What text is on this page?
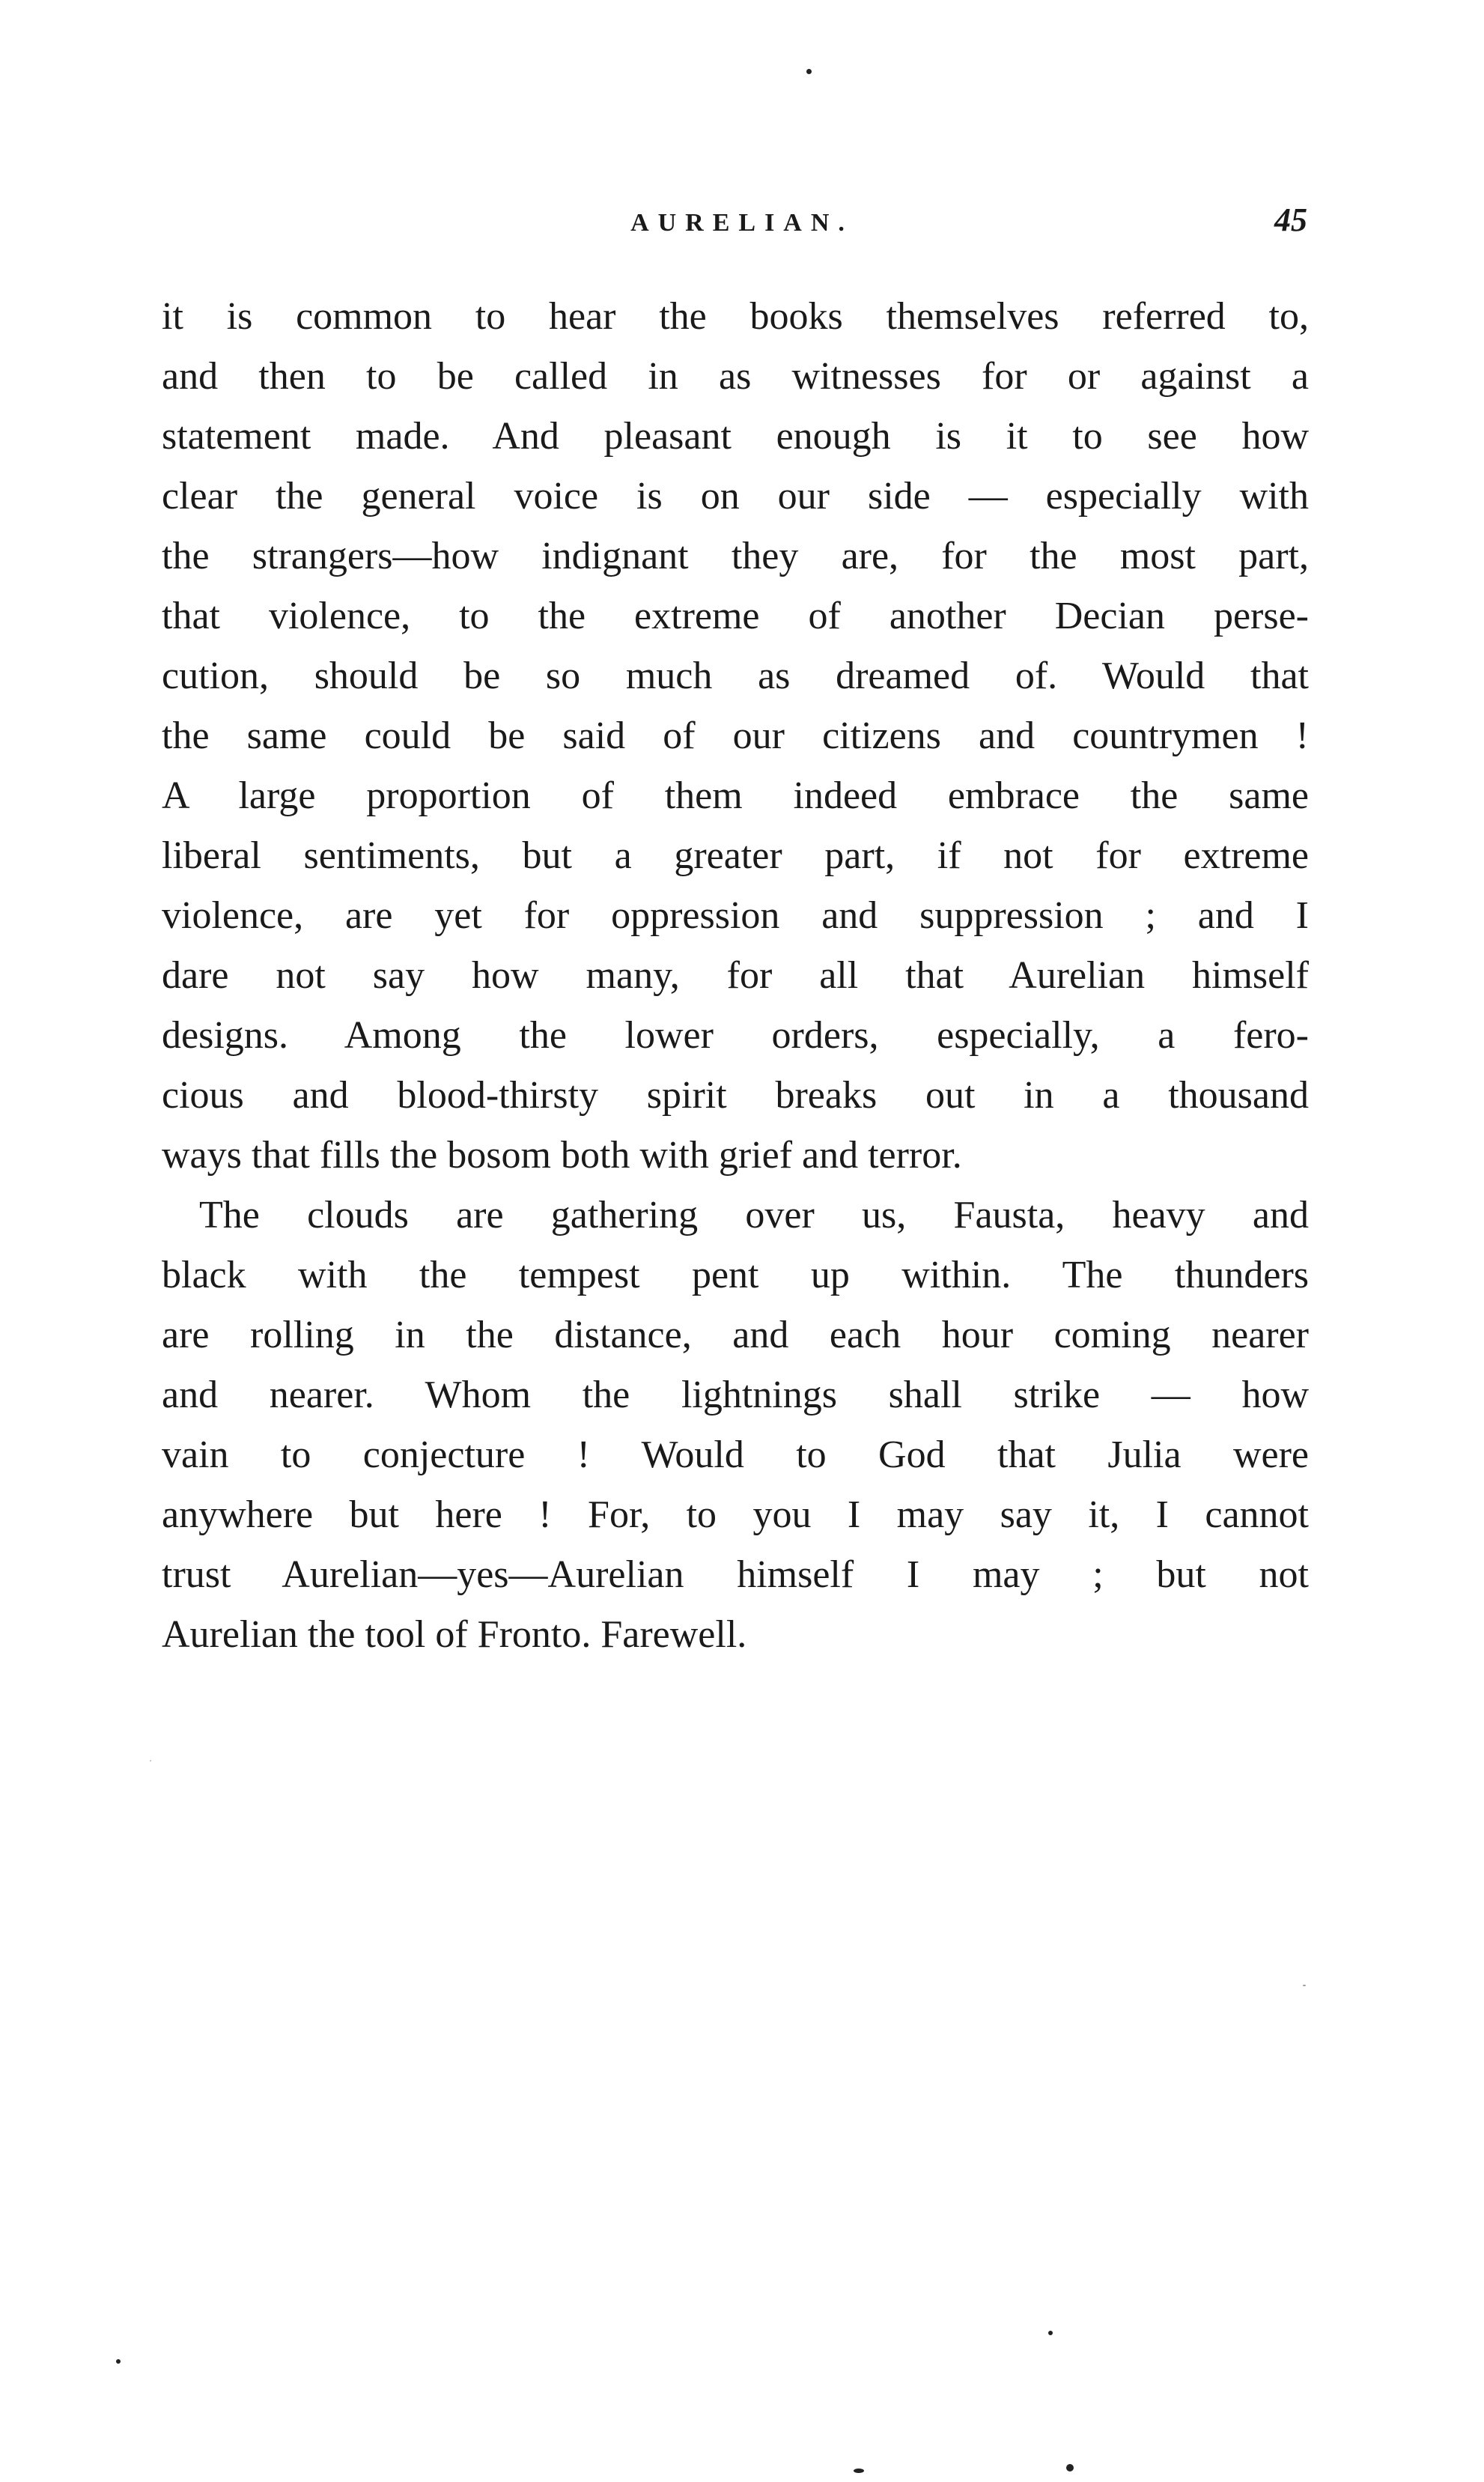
AURELIAN.	45
it is common to hear the books themselves referred to,
and then to be called in as witnesses for or against a
statement made. And pleasant enough is it to see how
clear the general voice is on our side — especially with
the strangers—how indignant they are, for the most part,
that violence, to the extreme of another Decian perse-
cution, should be so much as dreamed of. Would that
the same could be said of our citizens and countrymen !
A large proportion of them indeed embrace the same
liberal sentiments, but a greater part, if not for extreme
violence, are yet for oppression and suppression ; and I
dare not say how many, for all that Aurelian himself
designs. Among the lower orders, especially, a fero-
cious and blood-thirsty spirit breaks out in a thousand
ways that fills the bosom both with grief and terror.
The clouds are gathering over us, Fausta, heavy and
black with the tempest pent up within. The thunders
are rolling in the distance, and each hour coming nearer
and nearer. Whom the lightnings shall strike — how
vain to conjecture ! Would to God that Julia were
anywhere but here ! For, to you I may say it, I cannot
trust Aurelian—yes—Aurelian himself I may ; but not
Aurelian the tool of Fronto. Farewell.
